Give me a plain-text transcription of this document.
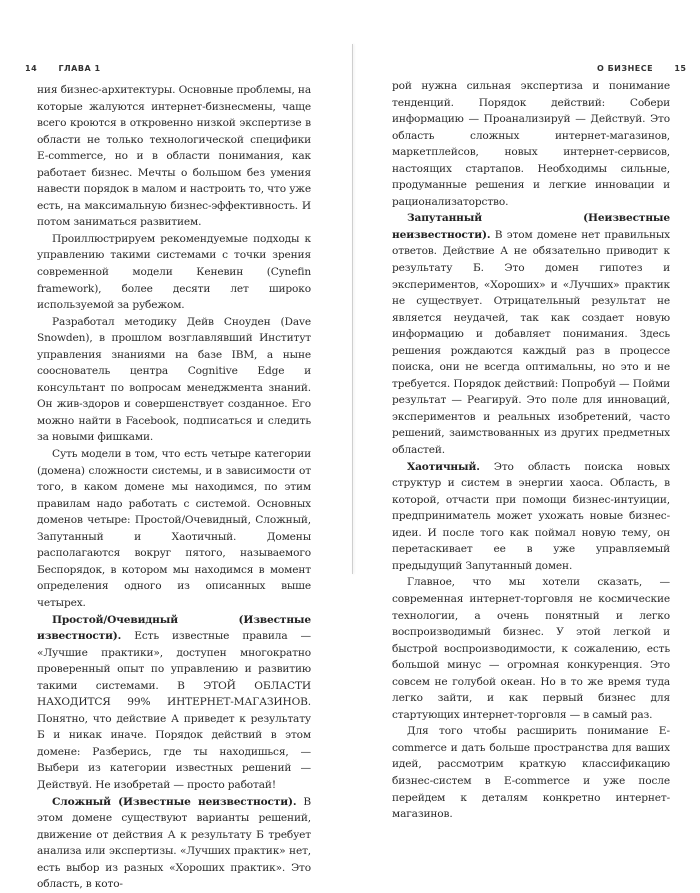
14	ГЛАВА 1	О БИЗНЕСЕ	15

ния бизнес-архитектуры. Основные проблемы, на которые жалуются интернет-бизнесмены, чаще всего кроются в откровенно низкой экспертизе в области не только технологической специфики E-commerce, но и в области понимания, как работает бизнес. Мечты о большом без умения навести порядок в малом и настроить то, что уже есть, на максимальную бизнес-эффективность. И потом заниматься развитием.

Проиллюстрируем рекомендуемые подходы к управлению такими системами с точки зрения современной модели Кеневин (Cynefin framework), более десяти лет широко используемой за рубежом.

Разработал методику Дейв Сноуден (Dave Snowden), в прошлом возглавлявший Институт управления знаниями на базе IBM, а ныне сооснователь центра Cognitive Edge и консультант по вопросам менеджмента знаний. Он жив-здоров и совершенствует созданное. Его можно найти в Facebook, подписаться и следить за новыми фишками.

Суть модели в том, что есть четыре категории (домена) сложности системы, и в зависимости от того, в каком домене мы находимся, по этим правилам надо работать с системой. Основных доменов четыре: Простой/Очевидный, Сложный, Запутанный и Хаотичный. Домены располагаются вокруг пятого, называемого Беспорядок, в котором мы находимся в момент определения одного из описанных выше четырех.

Простой/Очевидный (Известные известности). Есть известные правила — «Лучшие практики», доступен многократно проверенный опыт по управлению и развитию такими системами. В ЭТОЙ ОБЛАСТИ НАХОДИТСЯ 99% ИНТЕРНЕТ-МАГАЗИНОВ. Понятно, что действие А приведет к результату Б и никак иначе. Порядок действий в этом домене: Разберись, где ты находишься, — Выбери из категории известных решений — Действуй. Не изобретай — просто работай!

Сложный (Известные неизвестности). В этом домене существуют варианты решений, движение от действия А к результату Б требует анализа или экспертизы. «Лучших практик» нет, есть выбор из разных «Хороших практик». Это область, в кото-

рой нужна сильная экспертиза и понимание тенденций. Порядок действий: Собери информацию — Проанализируй — Действуй. Это область сложных интернет-магазинов, маркетплейсов, новых интернет-сервисов, настоящих стартапов. Необходимы сильные, продуманные решения и легкие инновации и рационализаторство.

Запутанный (Неизвестные неизвестности). В этом домене нет правильных ответов. Действие А не обязательно приводит к результату Б. Это домен гипотез и экспериментов, «Хороших» и «Лучших» практик не существует. Отрицательный результат не является неудачей, так как создает новую информацию и добавляет понимания. Здесь решения рождаются каждый раз в процессе поиска, они не всегда оптимальны, но это и не требуется. Порядок действий: Попробуй — Пойми результат — Реагируй. Это поле для инноваций, экспериментов и реальных изобретений, часто решений, заимствованных из других предметных областей.

Хаотичный. Это область поиска новых структур и систем в энергии хаоса. Область, в которой, отчасти при помощи бизнес-интуиции, предприниматель может ухожать новые бизнес-идеи. И после того как поймал новую тему, он перетаскивает ее в уже управляемый предыдущий Запутанный домен.

Главное, что мы хотели сказать, — современная интернет-торговля не космические технологии, а очень понятный и легко воспроизводимый бизнес. У этой легкой и быстрой воспроизводимости, к сожалению, есть большой минус — огромная конкуренция. Это совсем не голубой океан. Но в то же время туда легко зайти, и как первый бизнес для стартующих интернет-торговля — в самый раз.

Для того чтобы расширить понимание E-commerce и дать больше пространства для ваших идей, рассмотрим краткую классификацию бизнес-систем в E-commerce и уже после перейдем к деталям конкретно интернет-магазинов.
